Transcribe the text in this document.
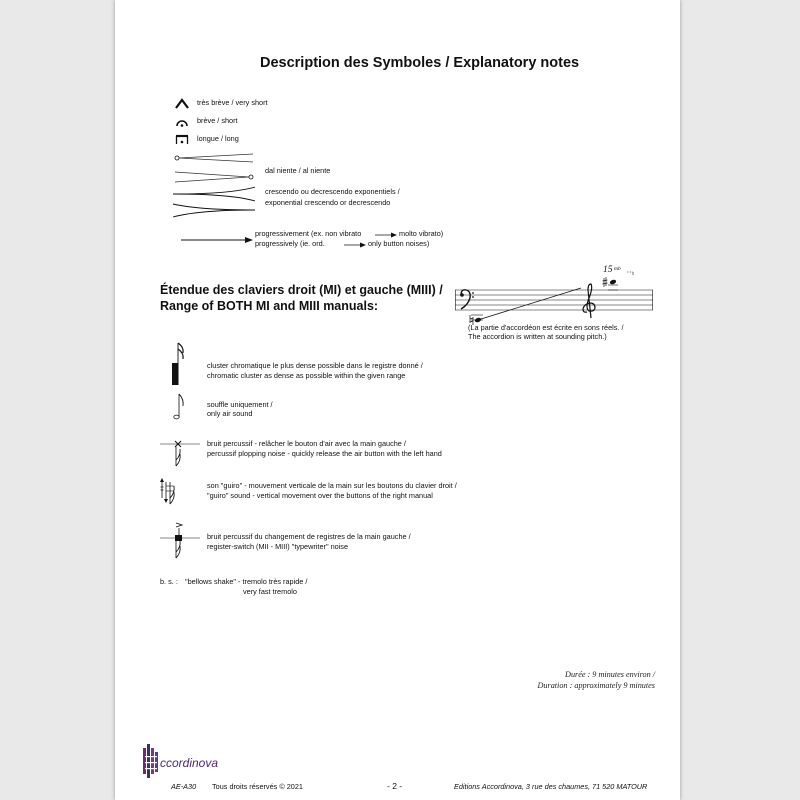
Description des Symboles / Explanatory notes
très brève / very short
brève / short
longue / long
dal niente / al niente
crescendo ou decrescendo exponentiels /
exponential crescendo or decrescendo
progressivement (ex. non vibrato	molto vibrato)
progressively (ie. ord.	only button noises)
Étendue des claviers droit (MI) et gauche (MIII) /
Range of BOTH MI and MIII manuals:
15 mb
(La partie d'accordéon est écrite en sons réels. /
The accordion is written at sounding pitch.)
cluster chromatique le plus dense possible dans le registre donné /
chromatic cluster as dense as possible within the given range
souffle uniquement /
only air sound
bruit percussif - relâcher le bouton d'air avec la main gauche /
percussif plopping noise - quickly release the air button with the left hand
son "guiro" - mouvement verticale de la main sur les boutons du clavier droit /
"guiro" sound - vertical movement over the buttons of the right manual
bruit percussif du changement de registres de la main gauche /
register-switch (MII - MIII) "typewriter" noise
b. s. : "bellows shake" - tremolo très rapide /
very fast tremolo
Durée : 9 minutes environ /
Duration : approximately 9 minutes
ccordinova
AE-A30 Tous droits réservés © 2021	- 2 -	Editions Accordinova, 3 rue des chaumes, 71 520 MATOUR
